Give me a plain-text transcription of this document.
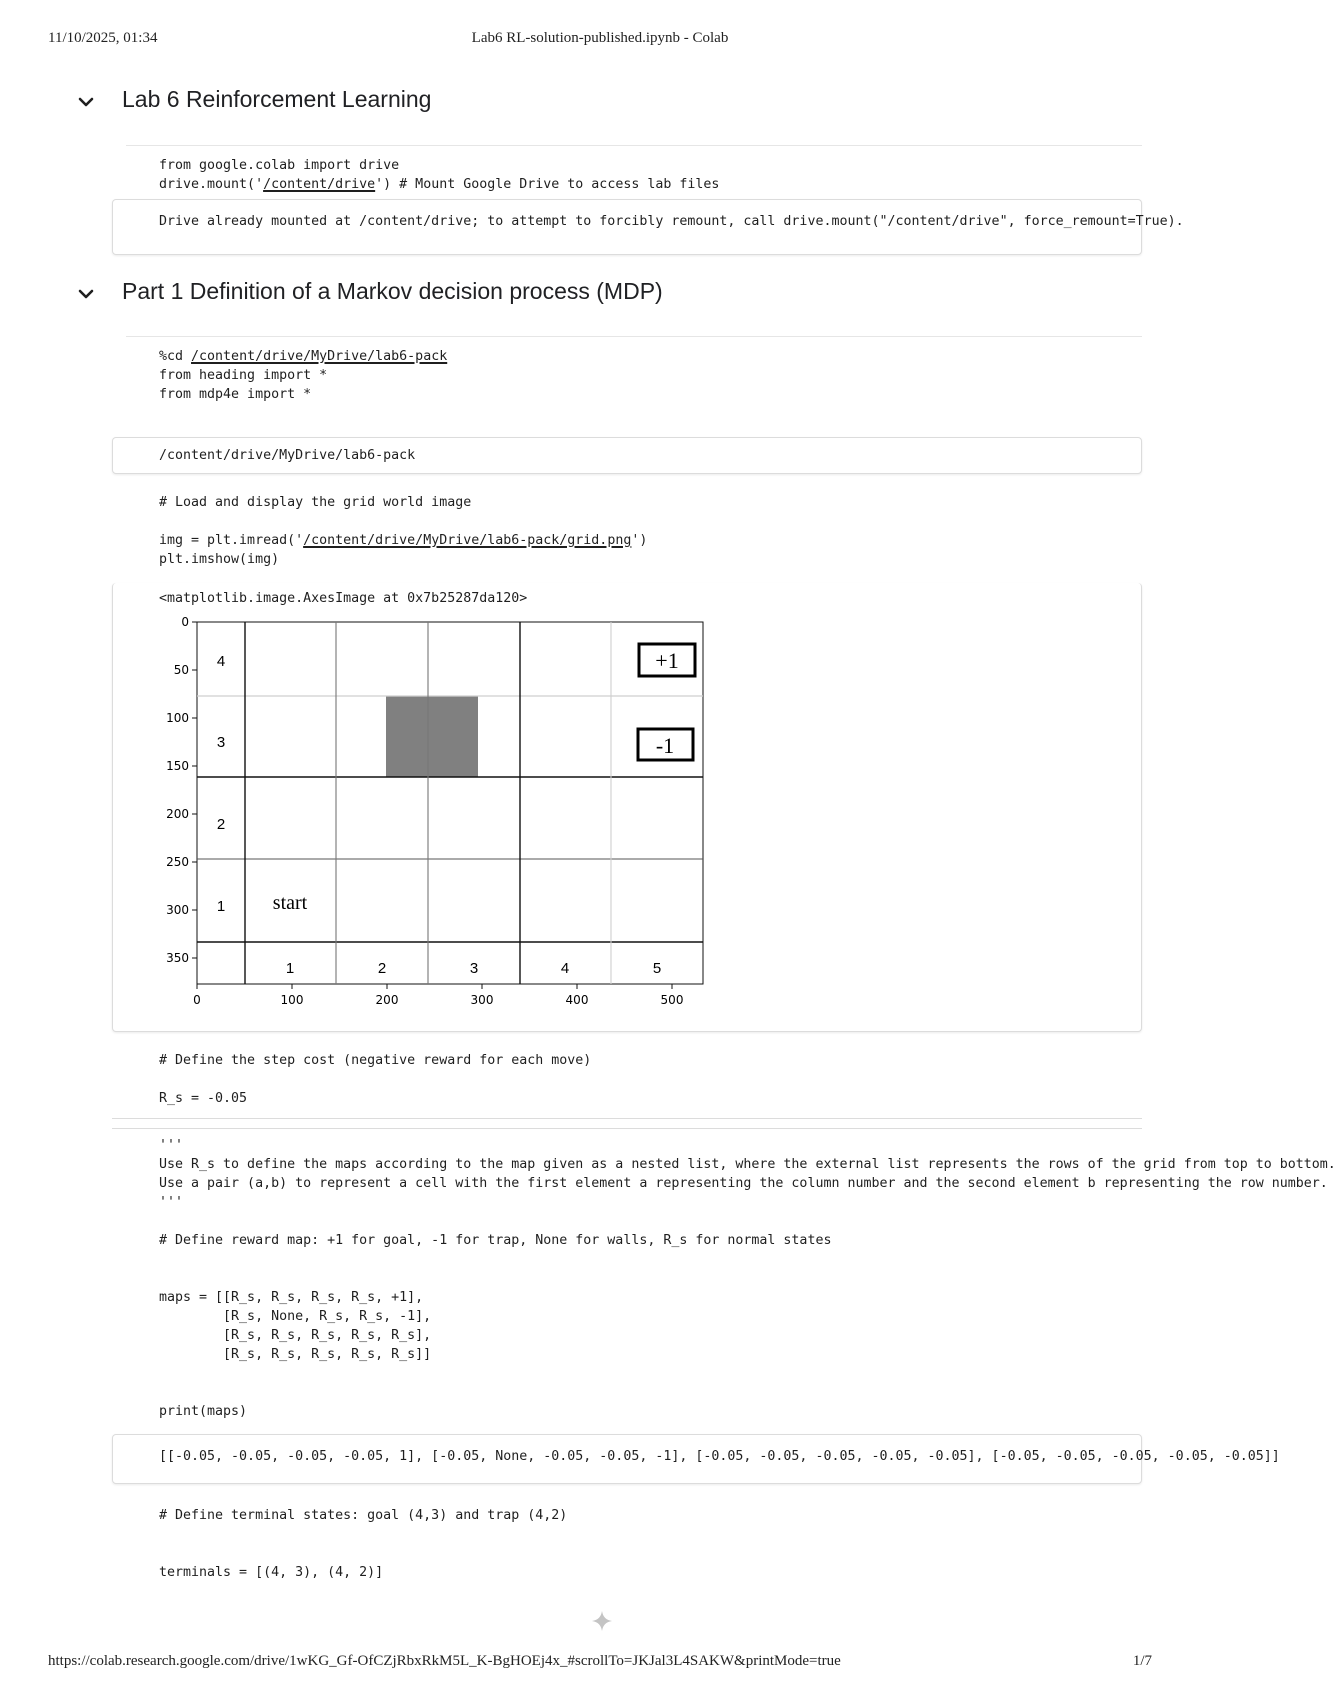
11/10/2025, 01:34	Lab6 RL-solution-published.ipynb - Colab
Lab 6 Reinforcement Learning
from google.colab import drive
drive.mount('/content/drive') # Mount Google Drive to access lab files
Drive already mounted at /content/drive; to attempt to forcibly remount, call drive.mount("/content/drive", force_remount=True).
Part 1 Definition of a Markov decision process (MDP)
%cd /content/drive/MyDrive/lab6-pack
from heading import *
from mdp4e import *
/content/drive/MyDrive/lab6-pack
# Load and display the grid world image

img = plt.imread('/content/drive/MyDrive/lab6-pack/grid.png')
plt.imshow(img)
<matplotlib.image.AxesImage at 0x7b25287da120>
+1
-1
start
4
3
2
1
1	2	3	4	5
0
50
100
150
200
250
300
350
0	100	200	300	400	500
# Define the step cost (negative reward for each move)

R_s = -0.05
'''
Use R_s to define the maps according to the map given as a nested list, where the external list represents the rows of the grid from top to bottom.
Use a pair (a,b) to represent a cell with the first element a representing the column number and the second element b representing the row number.
'''

# Define reward map: +1 for goal, -1 for trap, None for walls, R_s for normal states

maps = [[R_s, R_s, R_s, R_s, +1],
[R_s, None, R_s, R_s, -1],
[R_s, R_s, R_s, R_s, R_s],
[R_s, R_s, R_s, R_s, R_s]]

print(maps)
[[-0.05, -0.05, -0.05, -0.05, 1], [-0.05, None, -0.05, -0.05, -1], [-0.05, -0.05, -0.05, -0.05, -0.05], [-0.05, -0.05, -0.05, -0.05, -0.05]]
# Define terminal states: goal (4,3) and trap (4,2)

terminals = [(4, 3), (4, 2)]
https://colab.research.google.com/drive/1wKG_Gf-OfCZjRbxRkM5L_K-BgHOEj4x_#scrollTo=JKJal3L4SAKW&printMode=true	1/7
